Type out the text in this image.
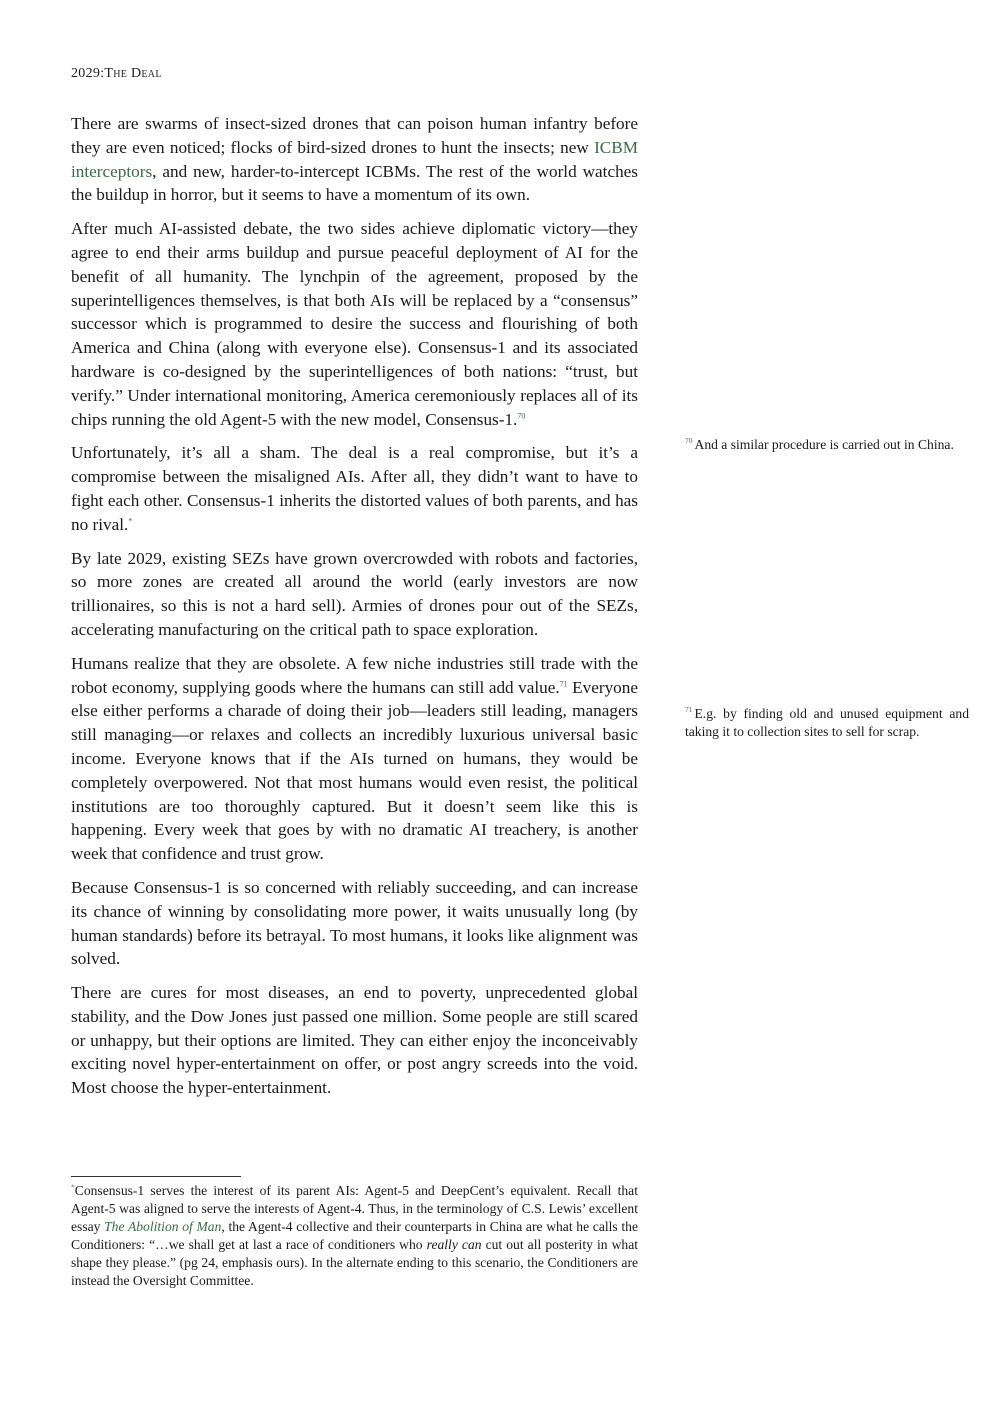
2029:The Deal

There are swarms of insect-sized drones that can poison human infantry before they are even noticed; flocks of bird-sized drones to hunt the insects; new ICBM interceptors, and new, harder-to-intercept ICBMs. The rest of the world watches the buildup in horror, but it seems to have a momentum of its own.

After much AI-assisted debate, the two sides achieve diplomatic victory—they agree to end their arms buildup and pursue peaceful deployment of AI for the benefit of all humanity. The lynchpin of the agreement, proposed by the superintelligences themselves, is that both AIs will be replaced by a “consensus” successor which is programmed to desire the success and flourishing of both America and China (along with everyone else). Consensus-1 and its associated hardware is co-designed by the superintelligences of both nations: “trust, but verify.” Under international monitoring, America ceremoniously replaces all of its chips running the old Agent-5 with the new model, Consensus-1.70

Unfortunately, it’s all a sham. The deal is a real compromise, but it’s a compromise between the misaligned AIs. After all, they didn’t want to have to fight each other. Consensus-1 inherits the distorted values of both parents, and has no rival.*

By late 2029, existing SEZs have grown overcrowded with robots and factories, so more zones are created all around the world (early investors are now trillionaires, so this is not a hard sell). Armies of drones pour out of the SEZs, accelerating manufacturing on the critical path to space exploration.

Humans realize that they are obsolete. A few niche industries still trade with the robot economy, supplying goods where the humans can still add value.$^{71}$ Everyone else either performs a charade of doing their job—leaders still leading, managers still managing—or relaxes and collects an incredibly luxurious universal basic income. Everyone knows that if the AIs turned on humans, they would be completely overpowered. Not that most humans would even resist, the political institutions are too thoroughly captured. But it doesn’t seem like this is happening. Every week that goes by with no dramatic AI treachery, is another week that confidence and trust grow.

Because Consensus-1 is so concerned with reliably succeeding, and can increase its chance of winning by consolidating more power, it waits unusually long (by human standards) before its betrayal. To most humans, it looks like alignment was solved.

There are cures for most diseases, an end to poverty, unprecedented global stability, and the Dow Jones just passed one million. Some people are still scared or unhappy, but their options are limited. They can either enjoy the inconceivably exciting novel hyper-entertainment on offer, or post angry screeds into the void. Most choose the hyper-entertainment.

$^{70}$ And a similar procedure is carried out in China.
$^{71}$ E.g. by finding old and unused equipment and taking it to collection sites to sell for scrap.
*Consensus-1 serves the interest of its parent AIs: Agent-5 and DeepCent’s equivalent. Recall that Agent-5 was aligned to serve the interests of Agent-4. Thus, in the terminology of C.S. Lewis’ excellent essay The Abolition of Man, the Agent-4 collective and their counterparts in China are what he calls the Conditioners: “…we shall get at last a race of conditioners who really can cut out all posterity in what shape they please.” (pg 24, emphasis ours). In the alternate ending to this scenario, the Conditioners are instead the Oversight Committee.
